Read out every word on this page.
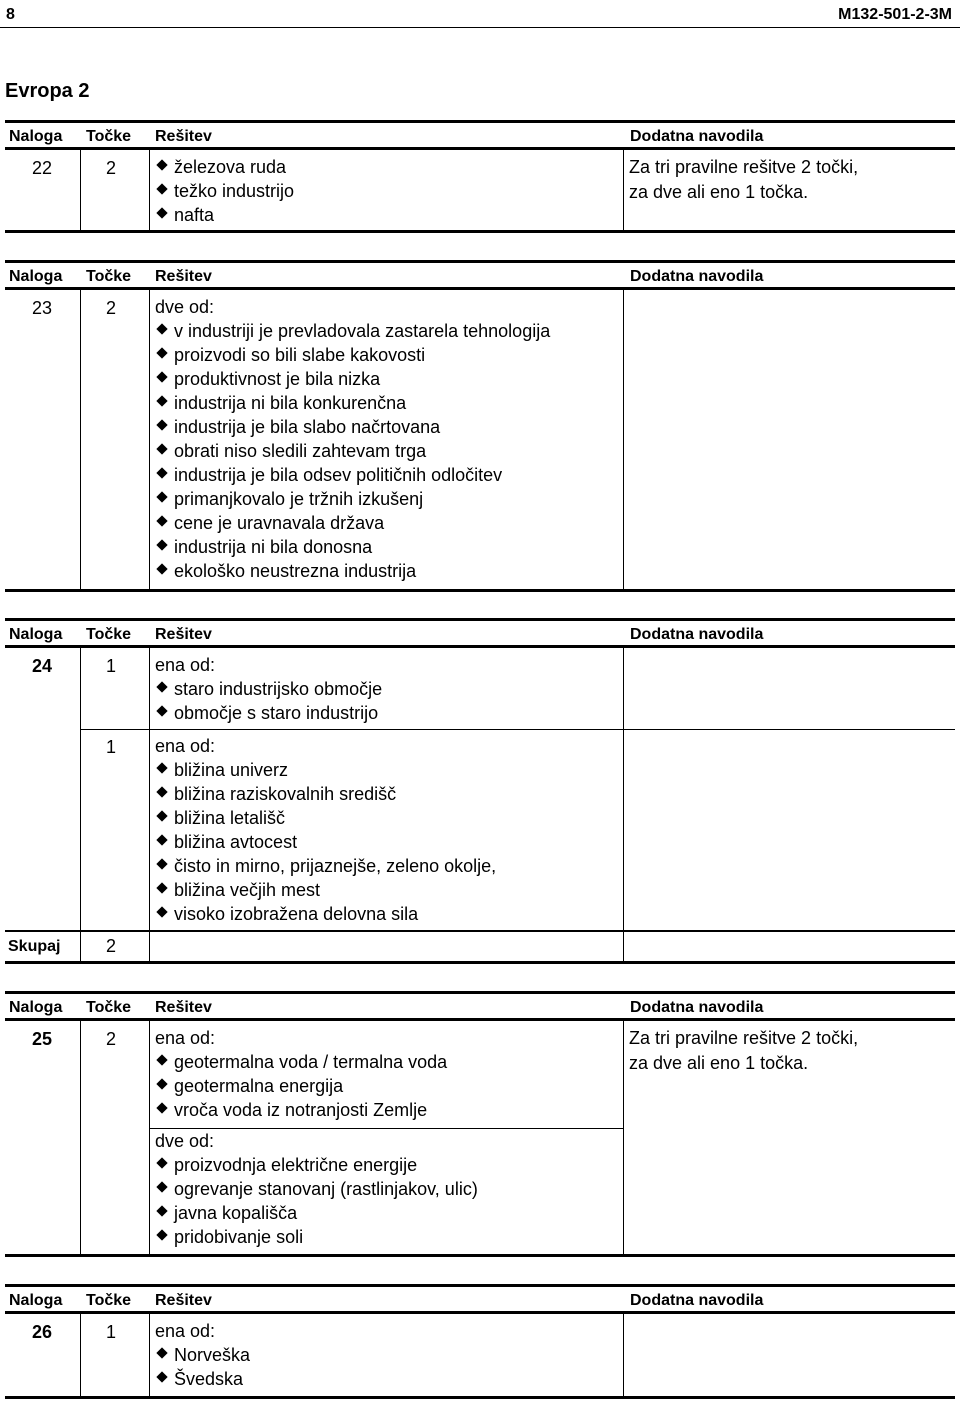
8	M132-501-2-3M
Evropa 2
Naloga Točke Rešitev	Dodatna navodila
22	2	železova ruda
težko industrijo
nafta
Za tri pravilne rešitve 2 točki,
za dve ali eno 1 točka.
Naloga Točke Rešitev	Dodatna navodila
23	2 dve od:
v industriji je prevladovala zastarela tehnologija
proizvodi so bili slabe kakovosti
produktivnost je bila nizka
industrija ni bila konkurenčna
industrija je bila slabo načrtovana
obrati niso sledili zahtevam trga
industrija je bila odsev političnih odločitev
primanjkovalo je tržnih izkušenj
cene je uravnavala država
industrija ni bila donosna
ekološko neustrezna industrija
Naloga Točke Rešitev	Dodatna navodila
24	1 ena od:
staro industrijsko območje
območje s staro industrijo
1 ena od:
bližina univerz
bližina raziskovalnih središč
bližina letališč
bližina avtocest
čisto in mirno, prijaznejše, zeleno okolje,
bližina večjih mest
visoko izobražena delovna sila
Skupaj	2
Naloga Točke Rešitev	Dodatna navodila
25	2 ena od:
geotermalna voda / termalna voda
geotermalna energija
vroča voda iz notranjosti Zemlje
dve od:
proizvodnja električne energije
ogrevanje stanovanj (rastlinjakov, ulic)
javna kopališča
pridobivanje soli
Za tri pravilne rešitve 2 točki,
za dve ali eno 1 točka.
Naloga Točke Rešitev	Dodatna navodila
26	1 ena od:
Norveška
Švedska
